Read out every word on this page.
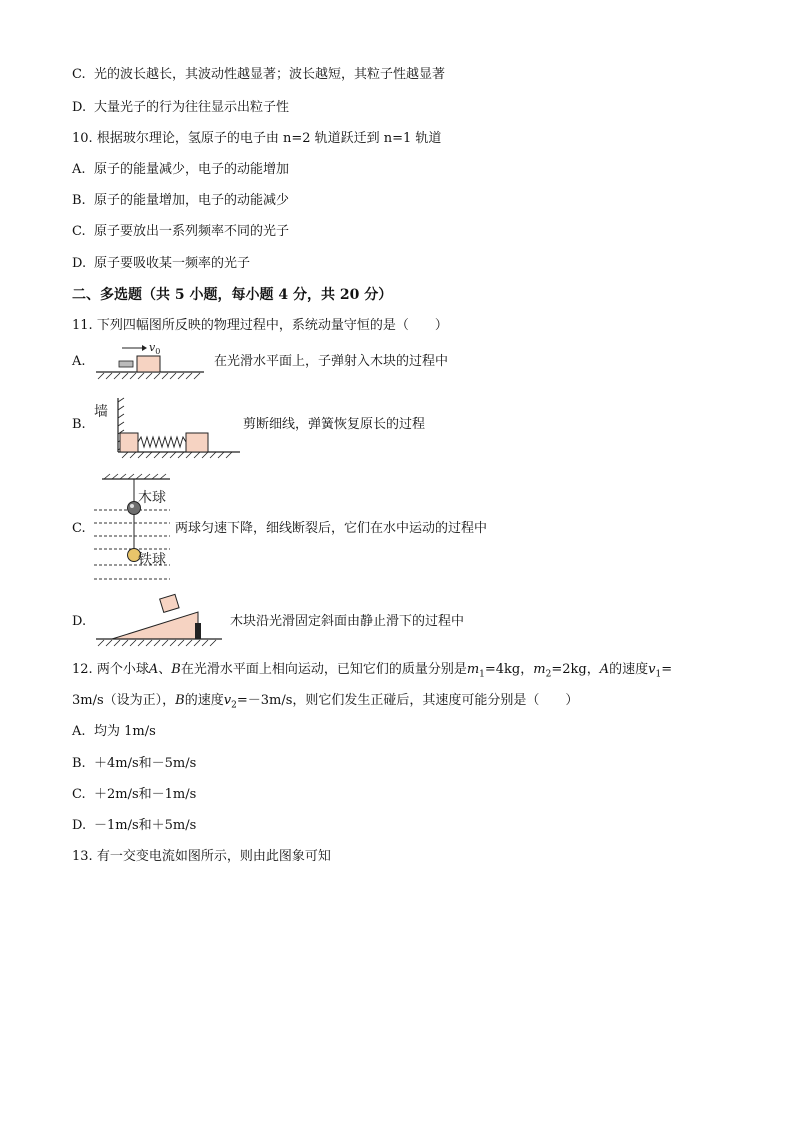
C. 光的波长越长，其波动性越显著；波长越短，其粒子性越显著
D. 大量光子的行为往往显示出粒子性
10. 根据玻尔理论，氢原子的电子由 n=2 轨道跃迁到 n=1 轨道
A. 原子的能量减少，电子的动能增加
B. 原子的能量增加，电子的动能减少
C. 原子要放出一系列频率不同的光子
D. 原子要吸收某一频率的光子
二、多选题（共 5 小题，每小题 4 分，共 20 分）
11. 下列四幅图所反映的物理过程中，系统动量守恒的是（　　）
A.
$v_0$
在光滑水平面上，子弹射入木块的过程中
B.
墙
剪断细线，弹簧恢复原长的过程
C.
木球
铁球
两球匀速下降，细线断裂后，它们在水中运动的过程中
D.	木块沿光滑固定斜面由静止滑下的过程中
12. 两个小球A、B在光滑水平面上相向运动，已知它们的质量分别是$m_1=4kg$，$m_2=2kg$，A的速度$v_1=$
3m/s（设为正），B的速度$v_2=-3m/s$，则它们发生正碰后，其速度可能分别是（　　）
A. 均为 1m/s
B. ＋4m/s和－5m/s
C. ＋2m/s和－1m/s
D. －1m/s和＋5m/s
13. 有一交变电流如图所示，则由此图象可知
